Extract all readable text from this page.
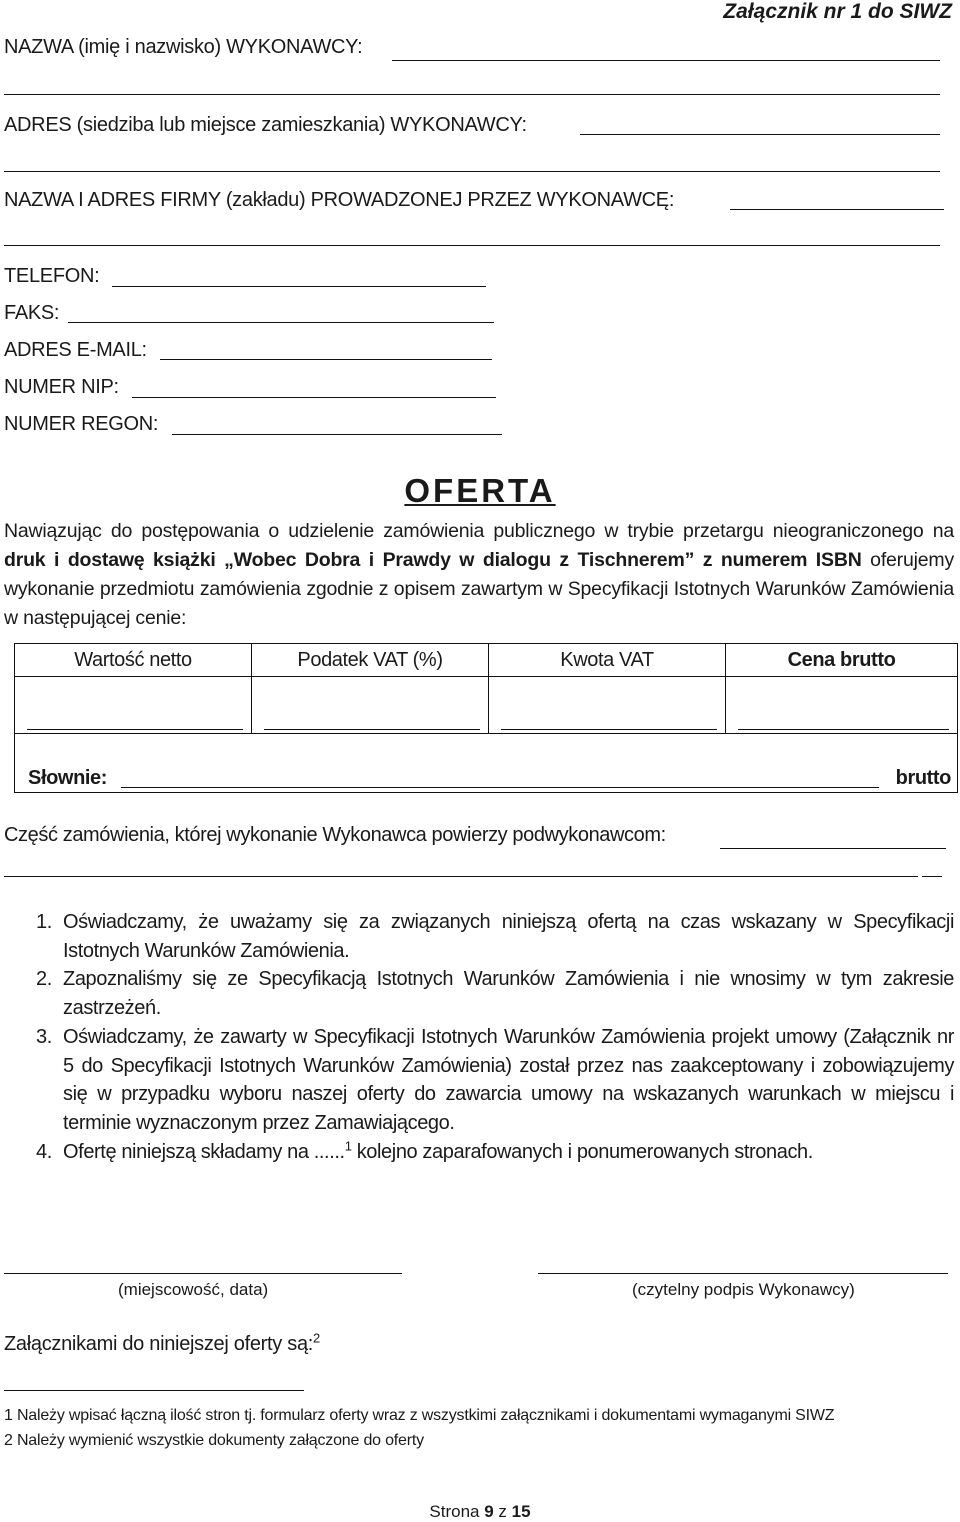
Załącznik nr 1 do SIWZ
NAZWA (imię i nazwisko) WYKONAWCY:
ADRES (siedziba lub miejsce zamieszkania) WYKONAWCY:
NAZWA I ADRES FIRMY (zakładu) PROWADZONEJ PRZEZ WYKONAWCĘ:
TELEFON:
FAKS:
ADRES E-MAIL:
NUMER NIP:
NUMER REGON:
OFERTA
Nawiązując do postępowania o udzielenie zamówienia publicznego w trybie przetargu nieograniczonego na druk i dostawę książki „Wobec Dobra i Prawdy w dialogu z Tischnerem” z numerem ISBN oferujemy wykonanie przedmiotu zamówienia zgodnie z opisem zawartym w Specyfikacji Istotnych Warunków Zamówienia w następującej cenie:
Wartość netto	Podatek VAT (%)	Kwota VAT	Cena brutto

Słownie: brutto			
Część zamówienia, której wykonanie Wykonawca powierzy podwykonawcom:
1. Oświadczamy, że uważamy się za związanych niniejszą ofertą na czas wskazany w Specyfikacji Istotnych Warunków Zamówienia.
2. Zapoznaliśmy się ze Specyfikacją Istotnych Warunków Zamówienia i nie wnosimy w tym zakresie zastrzeżeń.
3. Oświadczamy, że zawarty w Specyfikacji Istotnych Warunków Zamówienia projekt umowy (Załącznik nr 5 do Specyfikacji Istotnych Warunków Zamówienia) został przez nas zaakceptowany i zobowiązujemy się w przypadku wyboru naszej oferty do zawarcia umowy na wskazanych warunkach w miejscu i terminie wyznaczonym przez Zamawiającego.
4. Ofertę niniejszą składamy na ......$^1$ kolejno zaparafowanych i ponumerowanych stronach.
(miejscowość, data)	(czytelny podpis Wykonawcy)
Załącznikami do niniejszej oferty są:$^2$
1 Należy wpisać łączną ilość stron tj. formularz oferty wraz z wszystkimi załącznikami i dokumentami wymaganymi SIWZ
2 Należy wymienić wszystkie dokumenty załączone do oferty
Strona 9 z 15
